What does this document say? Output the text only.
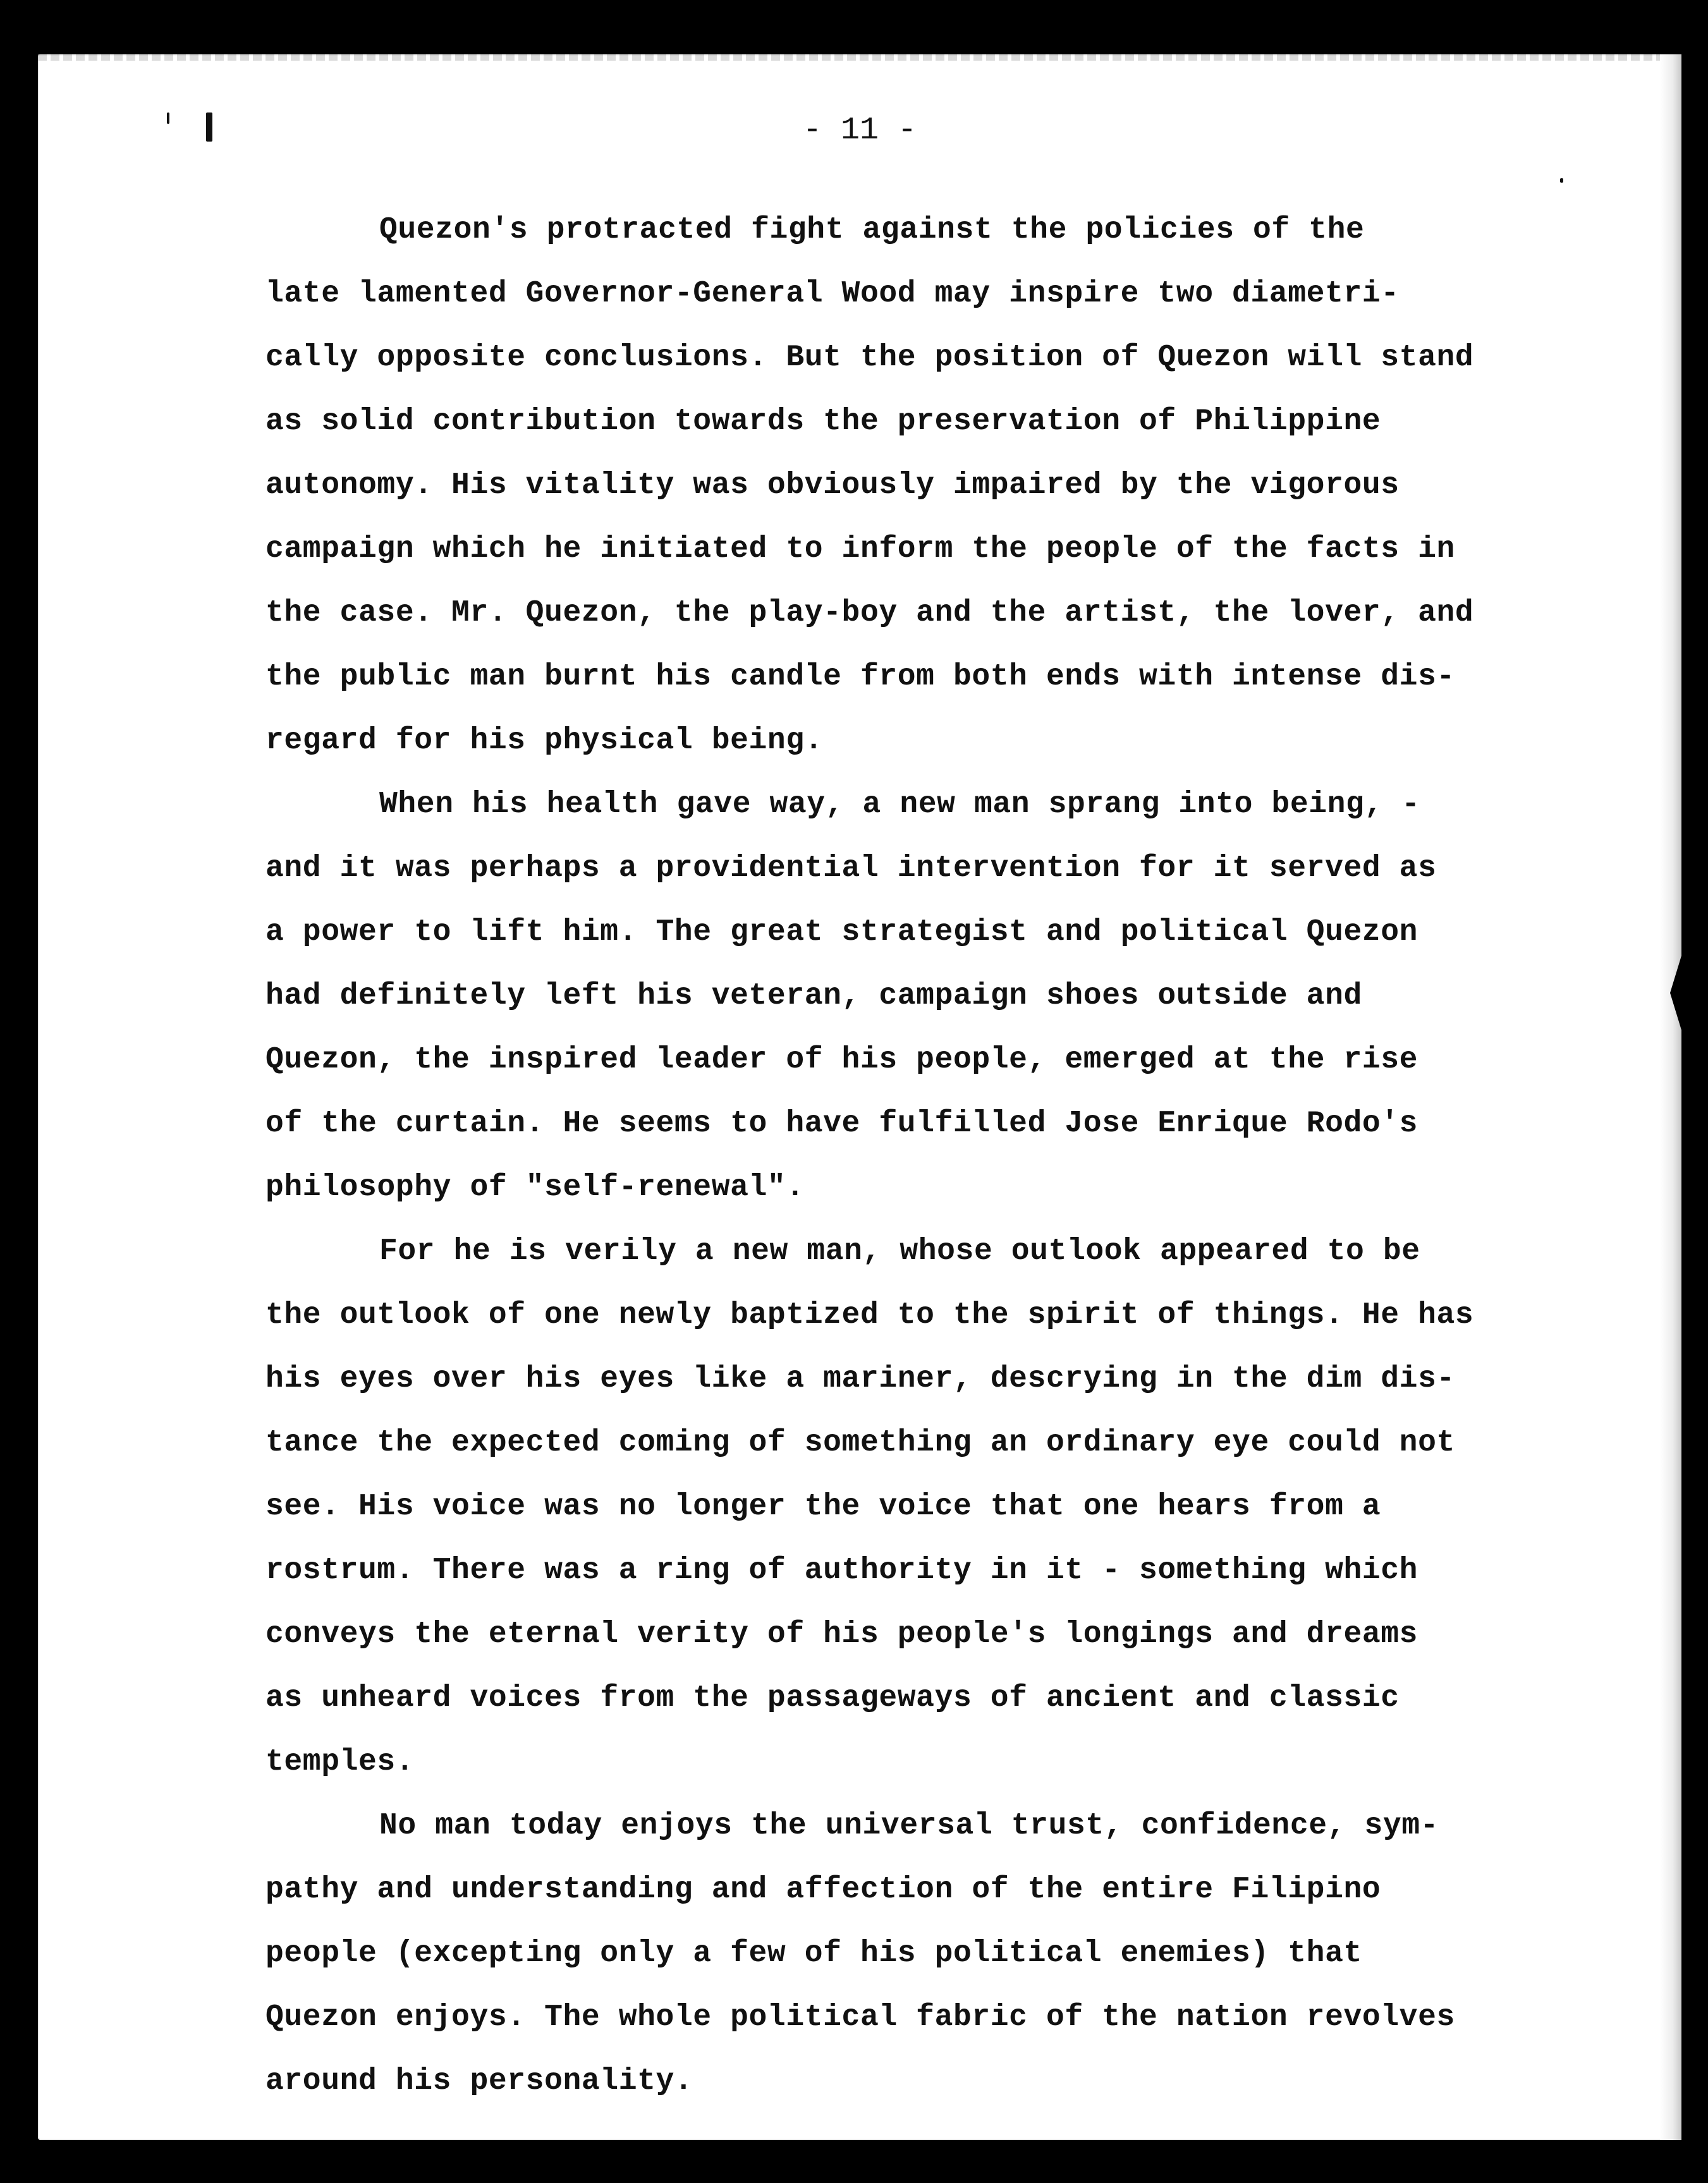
- 11 -
Quezon's protracted fight against the policies of the
late lamented Governor-General Wood may inspire two diametri-
cally opposite conclusions. But the position of Quezon will stand
as solid contribution towards the preservation of Philippine
autonomy. His vitality was obviously impaired by the vigorous
campaign which he initiated to inform the people of the facts in
the case. Mr. Quezon, the play-boy and the artist, the lover, and
the public man burnt his candle from both ends with intense dis-
regard for his physical being.
When his health gave way, a new man sprang into being, -
and it was perhaps a providential intervention for it served as
a power to lift him. The great strategist and political Quezon
had definitely left his veteran, campaign shoes outside and
Quezon, the inspired leader of his people, emerged at the rise
of the curtain. He seems to have fulfilled Jose Enrique Rodo's
philosophy of "self-renewal".
For he is verily a new man, whose outlook appeared to be
the outlook of one newly baptized to the spirit of things. He has
his eyes over his eyes like a mariner, descrying in the dim dis-
tance the expected coming of something an ordinary eye could not
see. His voice was no longer the voice that one hears from a
rostrum. There was a ring of authority in it - something which
conveys the eternal verity of his people's longings and dreams
as unheard voices from the passageways of ancient and classic
temples.
No man today enjoys the universal trust, confidence, sym-
pathy and understanding and affection of the entire Filipino
people (excepting only a few of his political enemies) that
Quezon enjoys. The whole political fabric of the nation revolves
around his personality.
